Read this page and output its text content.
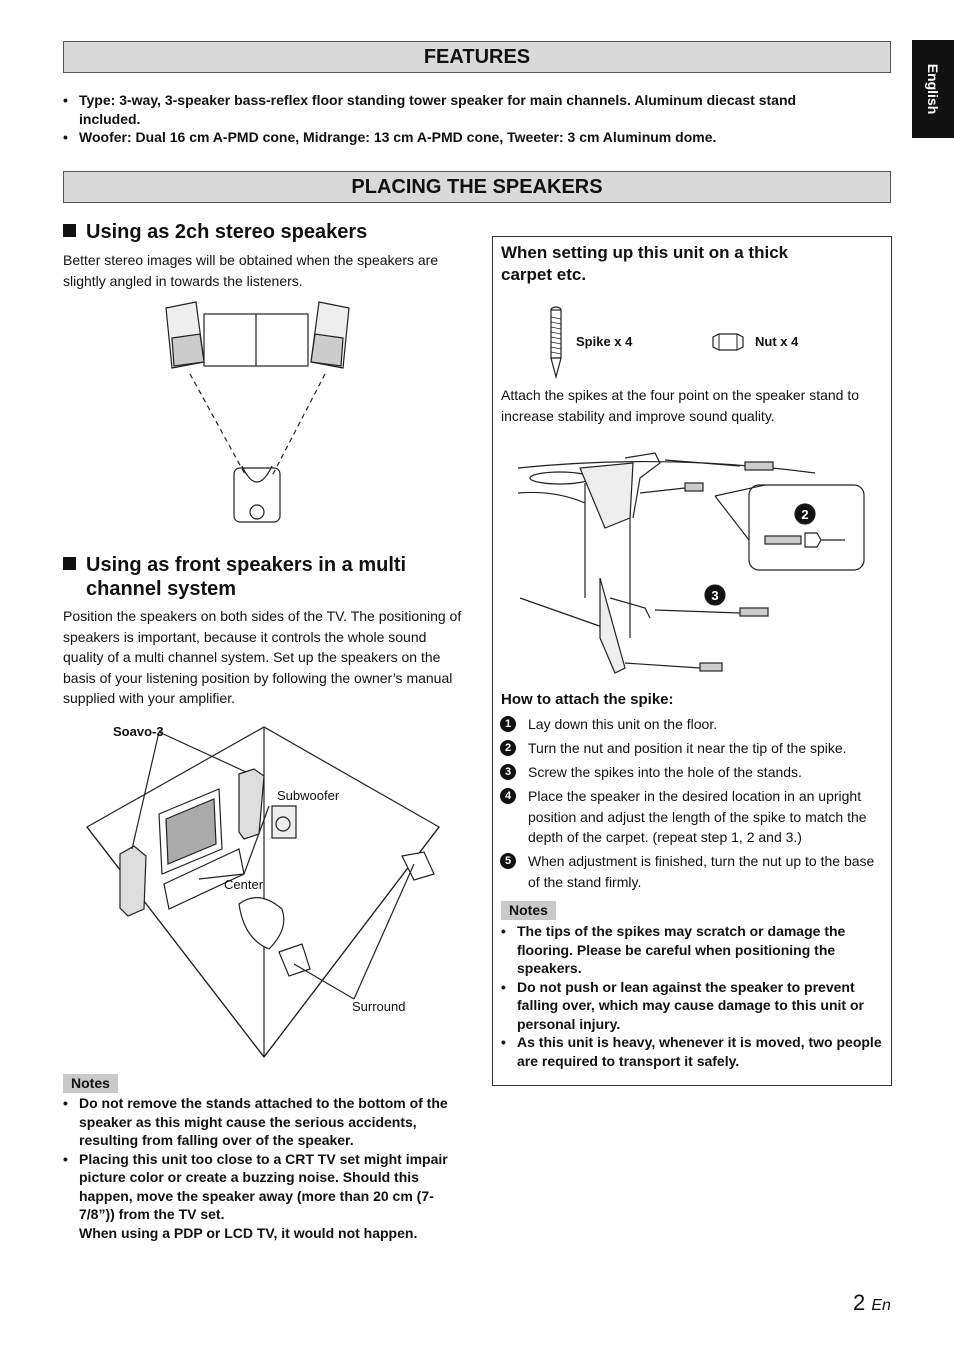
English
FEATURES
• Type: 3-way, 3-speaker bass-reflex floor standing tower speaker for main channels. Aluminum diecast stand included.
• Woofer: Dual 16 cm A-PMD cone, Midrange: 13 cm A-PMD cone, Tweeter: 3 cm Aluminum dome.
PLACING THE SPEAKERS
Using as 2ch stereo speakers

Better stereo images will be obtained when the speakers are slightly angled in towards the listeners.

Using as front speakers in a multi
channel system

Position the speakers on both sides of the TV. The positioning of speakers is important, because it controls the whole sound quality of a multi channel system. Set up the speakers on the basis of your listening position by following the owner’s manual supplied with your amplifier.

Soavo-3
Subwoofer
Center
Surround
Notes
• Do not remove the stands attached to the bottom of the speaker as this might cause the serious accidents, resulting from falling over of the speaker.
• Placing this unit too close to a CRT TV set might impair picture color or create a buzzing noise. Should this happen, move the speaker away (more than 20 cm (7-7/8”)) from the TV set.
When using a PDP or LCD TV, it would not happen.
When setting up this unit on a thick
carpet etc.
Spike x 4	Nut x 4

Attach the spikes at the four point on the speaker stand to increase stability and improve sound quality.

2
3
How to attach the spike:
1	Lay down this unit on the floor.
2	Turn the nut and position it near the tip of the spike.
3	Screw the spikes into the hole of the stands.
4	Place the speaker in the desired location in an upright position and adjust the length of the spike to match the depth of the carpet. (repeat step 1, 2 and 3.)
5	When adjustment is finished, turn the nut up to the base of the stand firmly.
Notes
• The tips of the spikes may scratch or damage the flooring. Please be careful when positioning the speakers.
• Do not push or lean against the speaker to prevent falling over, which may cause damage to this unit or personal injury.
• As this unit is heavy, whenever it is moved, two people are required to transport it safely.
2 En
